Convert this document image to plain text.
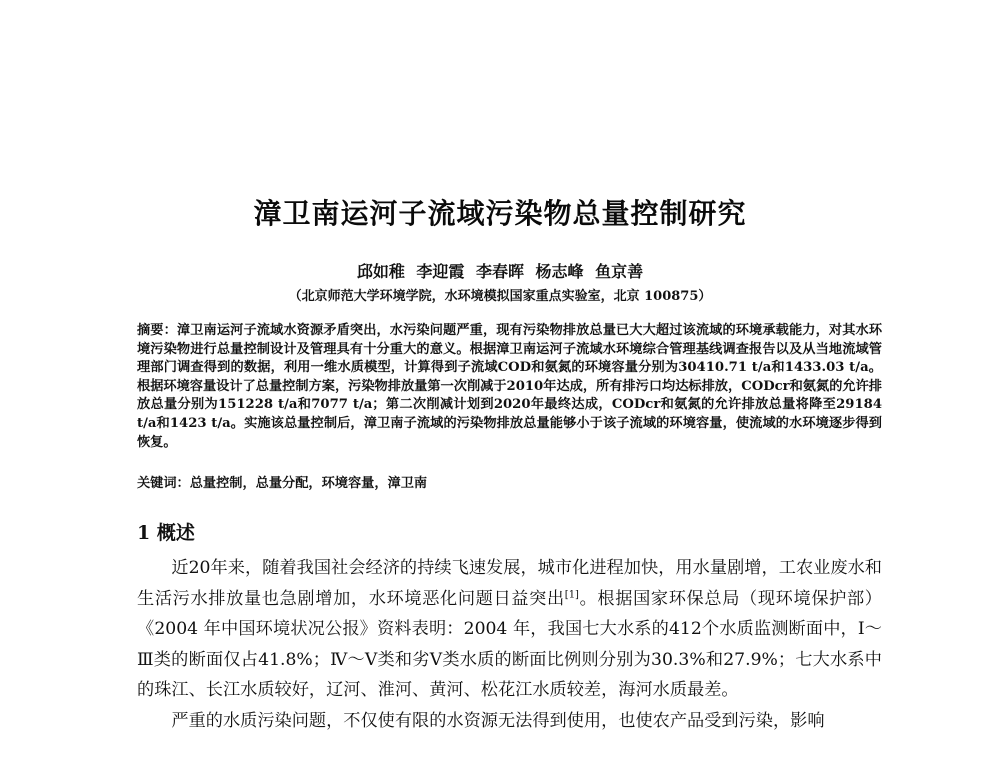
漳卫南运河子流域污染物总量控制研究
邱如稚 李迎霞 李春晖 杨志峰 鱼京善
（北京师范大学环境学院，水环境模拟国家重点实验室，北京 100875）
摘要：漳卫南运河子流域水资源矛盾突出，水污染问题严重，现有污染物排放总量已大大超过该流域的环境承载能力，对其水环境污染物进行总量控制设计及管理具有十分重大的意义。根据漳卫南运河子流域水环境综合管理基线调查报告以及从当地流域管理部门调查得到的数据，利用一维水质模型，计算得到子流域COD和氨氮的环境容量分别为30410.71 t/a和1433.03 t/a。根据环境容量设计了总量控制方案，污染物排放量第一次削减于2010年达成，所有排污口均达标排放，CODcr和氨氮的允许排放总量分别为151228 t/a和7077 t/a；第二次削减计划到2020年最终达成，CODcr和氨氮的允许排放总量将降至29184 t/a和1423 t/a。实施该总量控制后，漳卫南子流域的污染物排放总量能够小于该子流域的环境容量，使流域的水环境逐步得到恢复。
关键词：总量控制，总量分配，环境容量，漳卫南
1 概述

近20年来，随着我国社会经济的持续飞速发展，城市化进程加快，用水量剧增，工农业废水和生活污水排放量也急剧增加，水环境恶化问题日益突出[1]。根据国家环保总局（现环境保护部）《2004 年中国环境状况公报》资料表明：2004 年，我国七大水系的412个水质监测断面中，Ⅰ～Ⅲ类的断面仅占41.8%；Ⅳ～Ⅴ类和劣Ⅴ类水质的断面比例则分别为30.3%和27.9%；七大水系中的珠江、长江水质较好，辽河、淮河、黄河、松花江水质较差，海河水质最差。

严重的水质污染问题，不仅使有限的水资源无法得到使用，也使农产品受到污染，影响
